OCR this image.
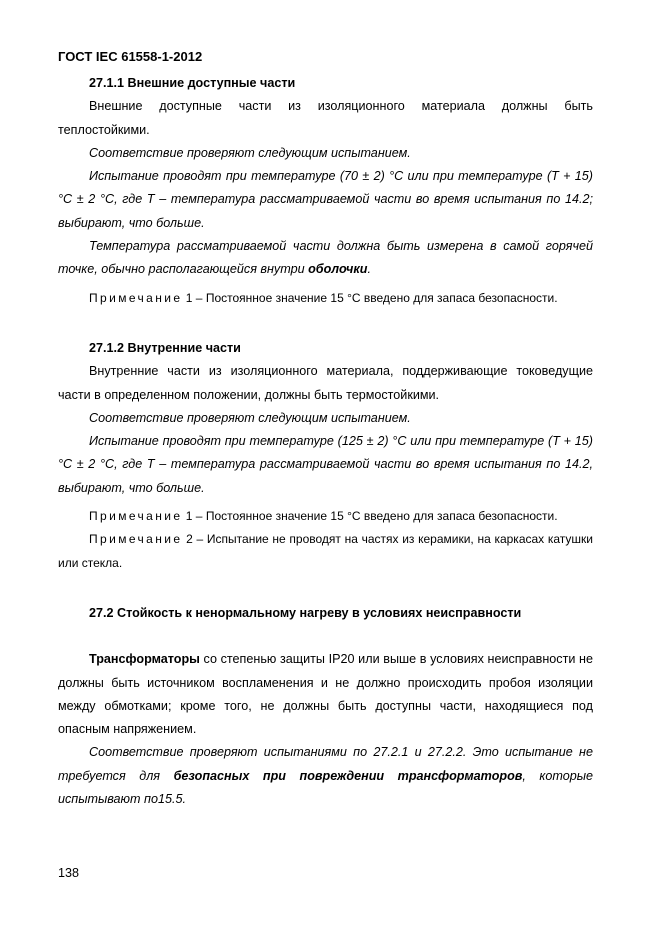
ГОСТ IEC 61558-1-2012

27.1.1 Внешние доступные части

Внешние доступные части из изоляционного материала должны быть теплостойкими.

Соответствие проверяют следующим испытанием.

Испытание проводят при температуре (70 ± 2) °С или при температуре (Т + 15) °С ± 2 °С, где Т – температура рассматриваемой части во время испытания по 14.2; выбирают, что больше.

Температура рассматриваемой части должна быть измерена в самой горячей точке, обычно располагающейся внутри оболочки.

Примечание 1 – Постоянное значение 15 °С введено для запаса безопасности.

27.1.2 Внутренние части

Внутренние части из изоляционного материала, поддерживающие токоведущие части в определенном положении, должны быть термостойкими.

Соответствие проверяют следующим испытанием.

Испытание проводят при температуре (125 ± 2) °С или при температуре (Т + 15) °С ± 2 °С, где Т – температура рассматриваемой части во время испытания по 14.2, выбирают, что больше.

Примечание 1 – Постоянное значение 15 °С введено для запаса безопасности.

Примечание 2 – Испытание не проводят на частях из керамики, на каркасах катушки или стекла.

27.2 Стойкость к ненормальному нагреву в условиях неисправности

Трансформаторы со степенью защиты IP20 или выше в условиях неисправности не должны быть источником воспламенения и не должно происходить пробоя изоляции между обмотками; кроме того, не должны быть доступны части, находящиеся под опасным напряжением.

Соответствие проверяют испытаниями по 27.2.1 и 27.2.2. Это испытание не требуется для безопасных при повреждении трансформаторов, которые испытывают по15.5.

138
